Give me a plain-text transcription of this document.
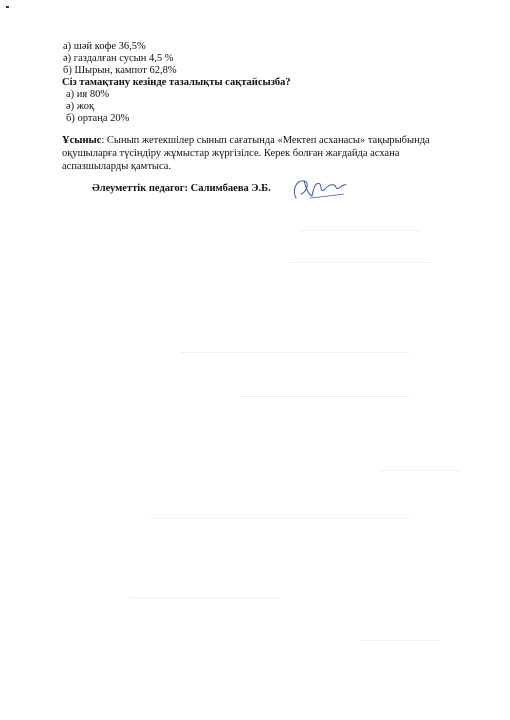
а) шәй кофе 36,5%
ә) газдалған сусын 4,5 %
б) Шырын, кампот 62,8%
Сіз тамақтану кезінде тазалықты сақтайсызба?
а) ия 80%
ә) жоқ
б) ортаңа 20%
Ұсыныс: Сынып жетекшілер сынып сағатында «Мектеп асханасы» тақырыбында оқушыларға түсіндіру жұмыстар жүргізілсе. Керек болған жағдайда асхана аспазшыларды қамтыса.
Әлеуметтік педагог: Салимбаева Э.Б.
